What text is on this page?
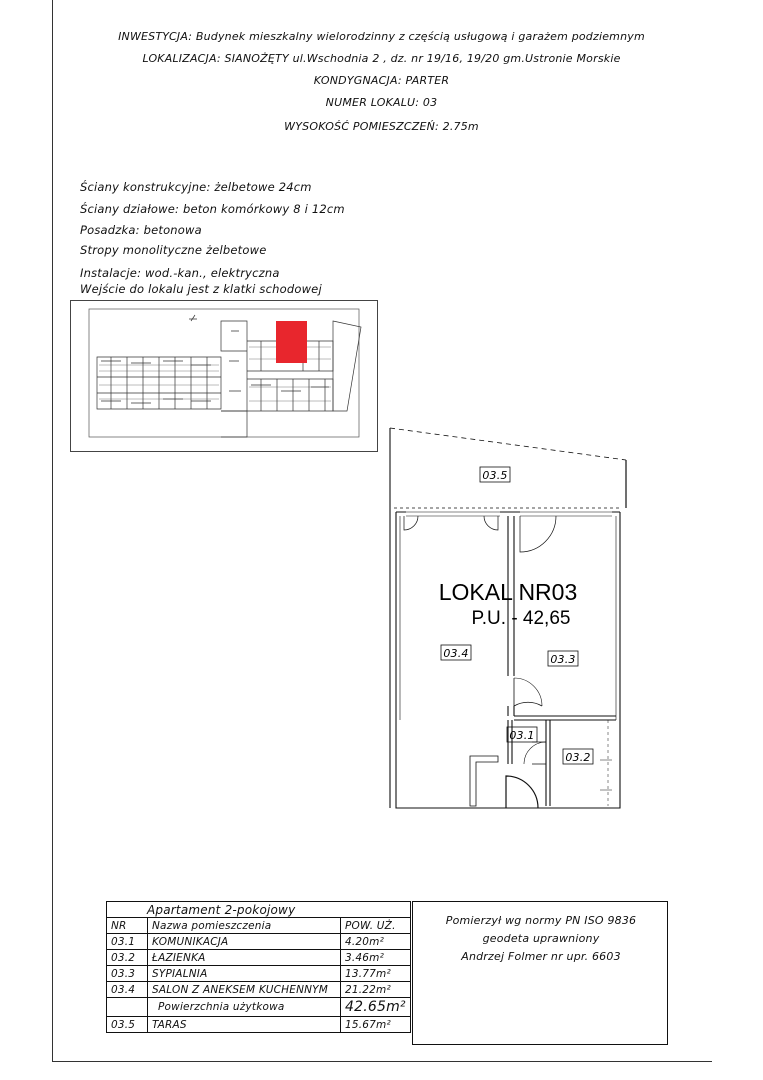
INWESTYCJA: Budynek mieszkalny wielorodzinny z częścią usługową i garażem podziemnym
LOKALIZACJA: SIANOŻĘTY ul.Wschodnia 2 , dz. nr 19/16, 19/20 gm.Ustronie Morskie
KONDYGNACJA: PARTER
NUMER LOKALU: 03
WYSOKOŚĆ POMIESZCZEŃ: 2.75m
Ściany konstrukcyjne: żelbetowe 24cm
Ściany działowe: beton komórkowy 8 i 12cm
Posadzka: betonowa
Stropy monolityczne żelbetowe
Instalacje: wod.-kan., elektryczna
Wejście do lokalu jest z klatki schodowej
03.5
03.4	03.3
03.1
03.2
LOKAL NR03
P.U. - 42,65
Apartament 2-pokojowy		
NR	Nazwa pomieszczenia	POW. UŻ.
03.1	KOMUNIKACJA	4.20m²
03.2	ŁAZIENKA	3.46m²
03.3	SYPIALNIA	13.77m²
03.4	SALON Z ANEKSEM KUCHENNYM	21.22m²
	Powierzchnia użytkowa	42.65m²
03.5	TARAS	15.67m²
Pomierzył wg normy PN ISO 9836
geodeta uprawniony
Andrzej Folmer nr upr. 6603
